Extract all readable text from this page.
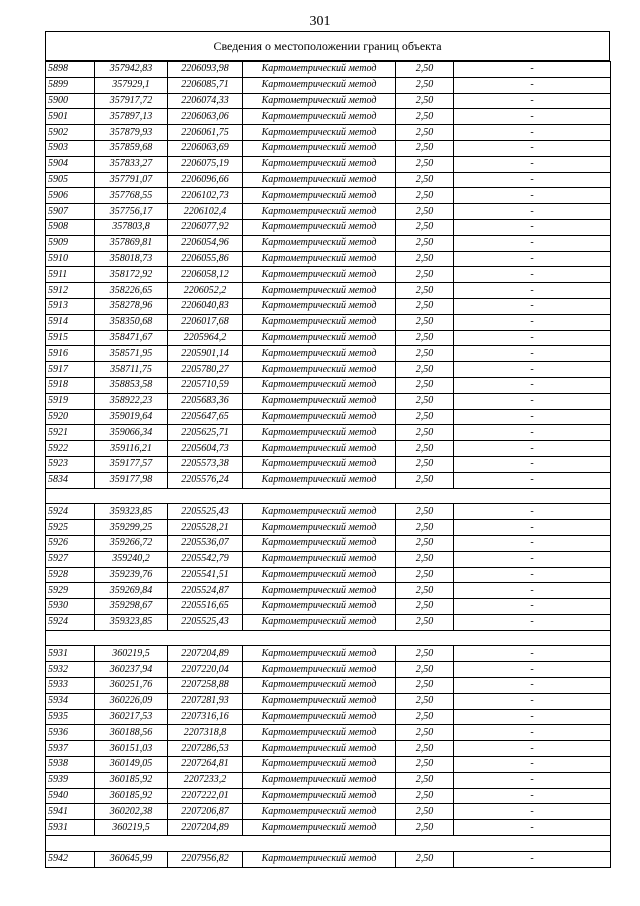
301
Сведения о местоположении границ объекта
5898	357942,83	2206093,98	Картометрический метод	2,50	-
5899	357929,1	2206085,71	Картометрический метод	2,50	-
5900	357917,72	2206074,33	Картометрический метод	2,50	-
5901	357897,13	2206063,06	Картометрический метод	2,50	-
5902	357879,93	2206061,75	Картометрический метод	2,50	-
5903	357859,68	2206063,69	Картометрический метод	2,50	-
5904	357833,27	2206075,19	Картометрический метод	2,50	-
5905	357791,07	2206096,66	Картометрический метод	2,50	-
5906	357768,55	2206102,73	Картометрический метод	2,50	-
5907	357756,17	2206102,4	Картометрический метод	2,50	-
5908	357803,8	2206077,92	Картометрический метод	2,50	-
5909	357869,81	2206054,96	Картометрический метод	2,50	-
5910	358018,73	2206055,86	Картометрический метод	2,50	-
5911	358172,92	2206058,12	Картометрический метод	2,50	-
5912	358226,65	2206052,2	Картометрический метод	2,50	-
5913	358278,96	2206040,83	Картометрический метод	2,50	-
5914	358350,68	2206017,68	Картометрический метод	2,50	-
5915	358471,67	2205964,2	Картометрический метод	2,50	-
5916	358571,95	2205901,14	Картометрический метод	2,50	-
5917	358711,75	2205780,27	Картометрический метод	2,50	-
5918	358853,58	2205710,59	Картометрический метод	2,50	-
5919	358922,23	2205683,36	Картометрический метод	2,50	-
5920	359019,64	2205647,65	Картометрический метод	2,50	-
5921	359066,34	2205625,71	Картометрический метод	2,50	-
5922	359116,21	2205604,73	Картометрический метод	2,50	-
5923	359177,57	2205573,38	Картометрический метод	2,50	-
5834	359177,98	2205576,24	Картометрический метод	2,50	-

5924	359323,85	2205525,43	Картометрический метод	2,50	-
5925	359299,25	2205528,21	Картометрический метод	2,50	-
5926	359266,72	2205536,07	Картометрический метод	2,50	-
5927	359240,2	2205542,79	Картометрический метод	2,50	-
5928	359239,76	2205541,51	Картометрический метод	2,50	-
5929	359269,84	2205524,87	Картометрический метод	2,50	-
5930	359298,67	2205516,65	Картометрический метод	2,50	-
5924	359323,85	2205525,43	Картометрический метод	2,50	-

5931	360219,5	2207204,89	Картометрический метод	2,50	-
5932	360237,94	2207220,04	Картометрический метод	2,50	-
5933	360251,76	2207258,88	Картометрический метод	2,50	-
5934	360226,09	2207281,93	Картометрический метод	2,50	-
5935	360217,53	2207316,16	Картометрический метод	2,50	-
5936	360188,56	2207318,8	Картометрический метод	2,50	-
5937	360151,03	2207286,53	Картометрический метод	2,50	-
5938	360149,05	2207264,81	Картометрический метод	2,50	-
5939	360185,92	2207233,2	Картометрический метод	2,50	-
5940	360185,92	2207222,01	Картометрический метод	2,50	-
5941	360202,38	2207206,87	Картометрический метод	2,50	-
5931	360219,5	2207204,89	Картометрический метод	2,50	-

5942	360645,99	2207956,82	Картометрический метод	2,50	-
